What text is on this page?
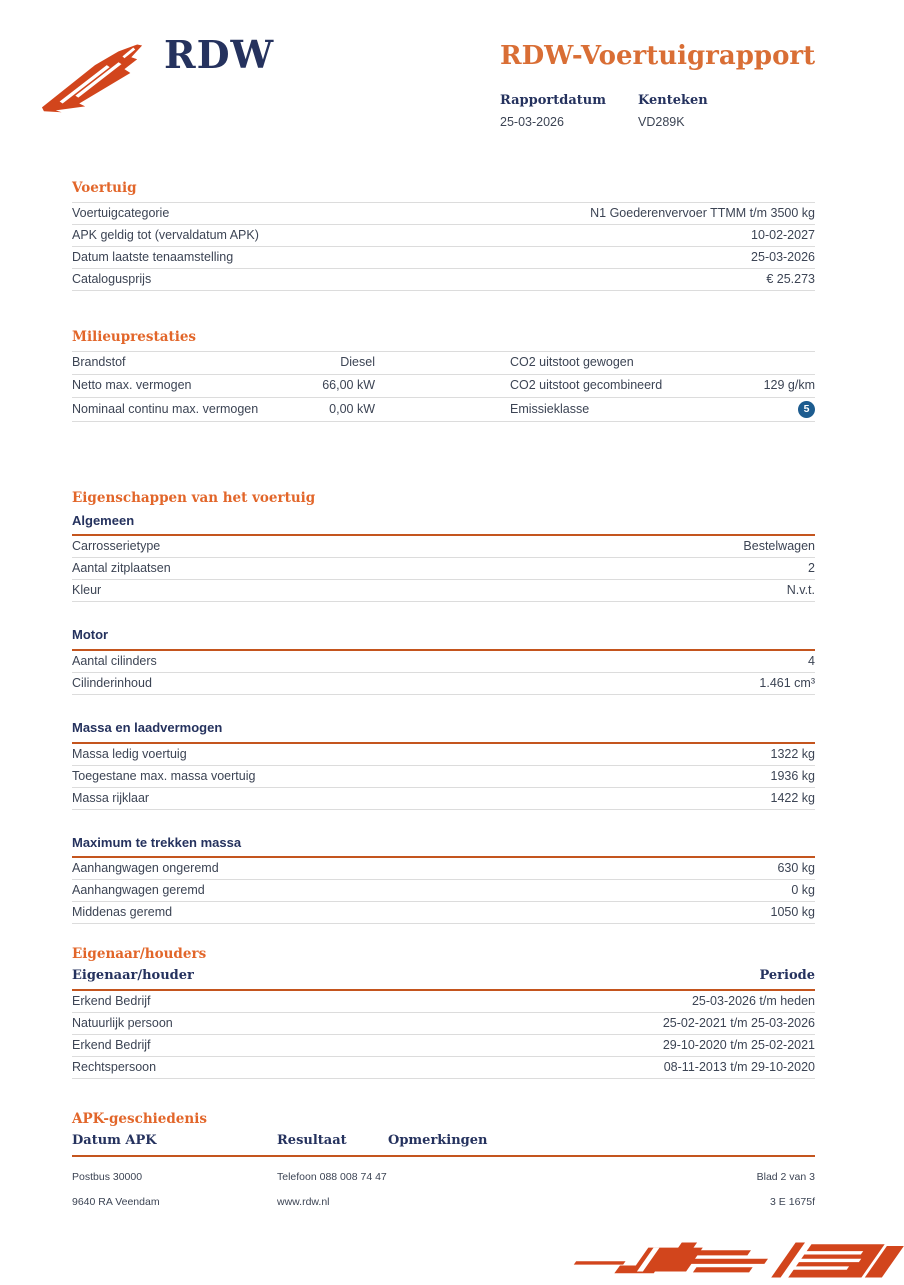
RDW	RDW-Voertuigrapport
Rapportdatum
25-03-2026
Kenteken
VD289K
Voertuig
Voertuigcategorie	N1 Goederenvervoer TTMM t/m 3500 kg
APK geldig tot (vervaldatum APK)	10-02-2027
Datum laatste tenaamstelling	25-03-2026
Catalogusprijs	€ 25.273
Milieuprestaties
Brandstof	Diesel	CO2 uitstoot gewogen
Netto max. vermogen	66,00 kW	CO2 uitstoot gecombineerd	129 g/km
Nominaal continu max. vermogen	0,00 kW	Emissieklasse	5
Eigenschappen van het voertuig
Algemeen
Carrosserietype	Bestelwagen
Aantal zitplaatsen	2
Kleur	N.v.t.
Motor
Aantal cilinders	4
Cilinderinhoud	1.461 cm³
Massa en laadvermogen
Massa ledig voertuig	1322 kg
Toegestane max. massa voertuig	1936 kg
Massa rijklaar	1422 kg
Maximum te trekken massa
Aanhangwagen ongeremd	630 kg
Aanhangwagen geremd	0 kg
Middenas geremd	1050 kg
Eigenaar/houders
Eigenaar/houder	Periode
Erkend Bedrijf	25-03-2026 t/m heden
Natuurlijk persoon	25-02-2021 t/m 25-03-2026
Erkend Bedrijf	29-10-2020 t/m 25-02-2021
Rechtspersoon	08-11-2013 t/m 29-10-2020
APK-geschiedenis
Datum APK	Resultaat	Opmerkingen
Postbus 30000	Telefoon 088 008 74 47	Blad 2 van 3
9640 RA Veendam	www.rdw.nl	3 E 1675f
